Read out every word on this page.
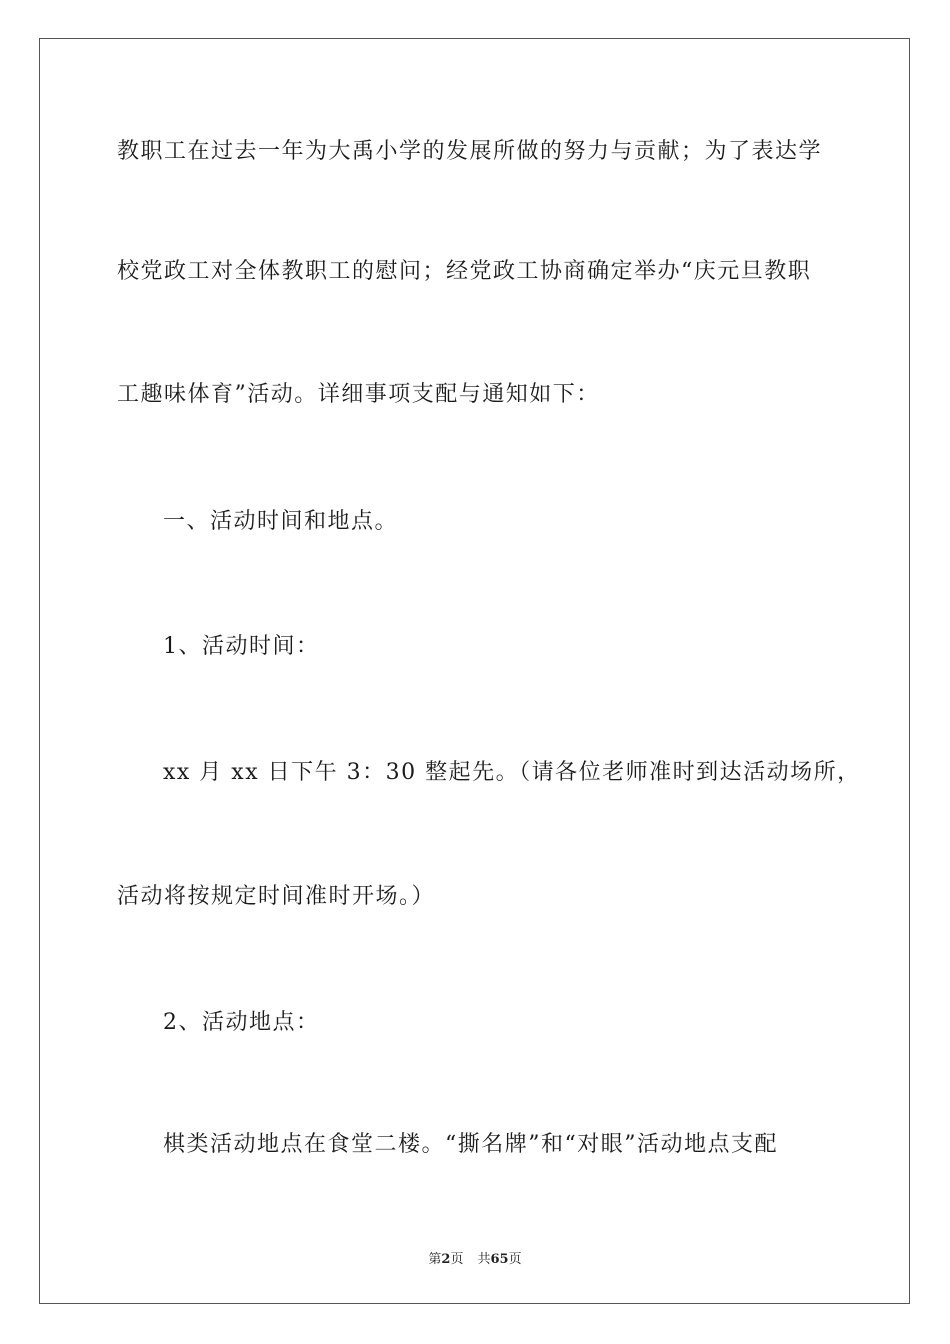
教职工在过去一年为大禹小学的发展所做的努力与贡献；为了表达学
校党政工对全体教职工的慰问；经党政工协商确定举办“庆元旦教职
工趣味体育”活动。详细事项支配与通知如下：
一、活动时间和地点。
1、活动时间：
xx 月 xx 日下午 3：30 整起先。（请各位老师准时到达活动场所，
活动将按规定时间准时开场。）
2、活动地点：
棋类活动地点在食堂二楼。“撕名牌”和“对眼”活动地点支配
第2页 共65页
